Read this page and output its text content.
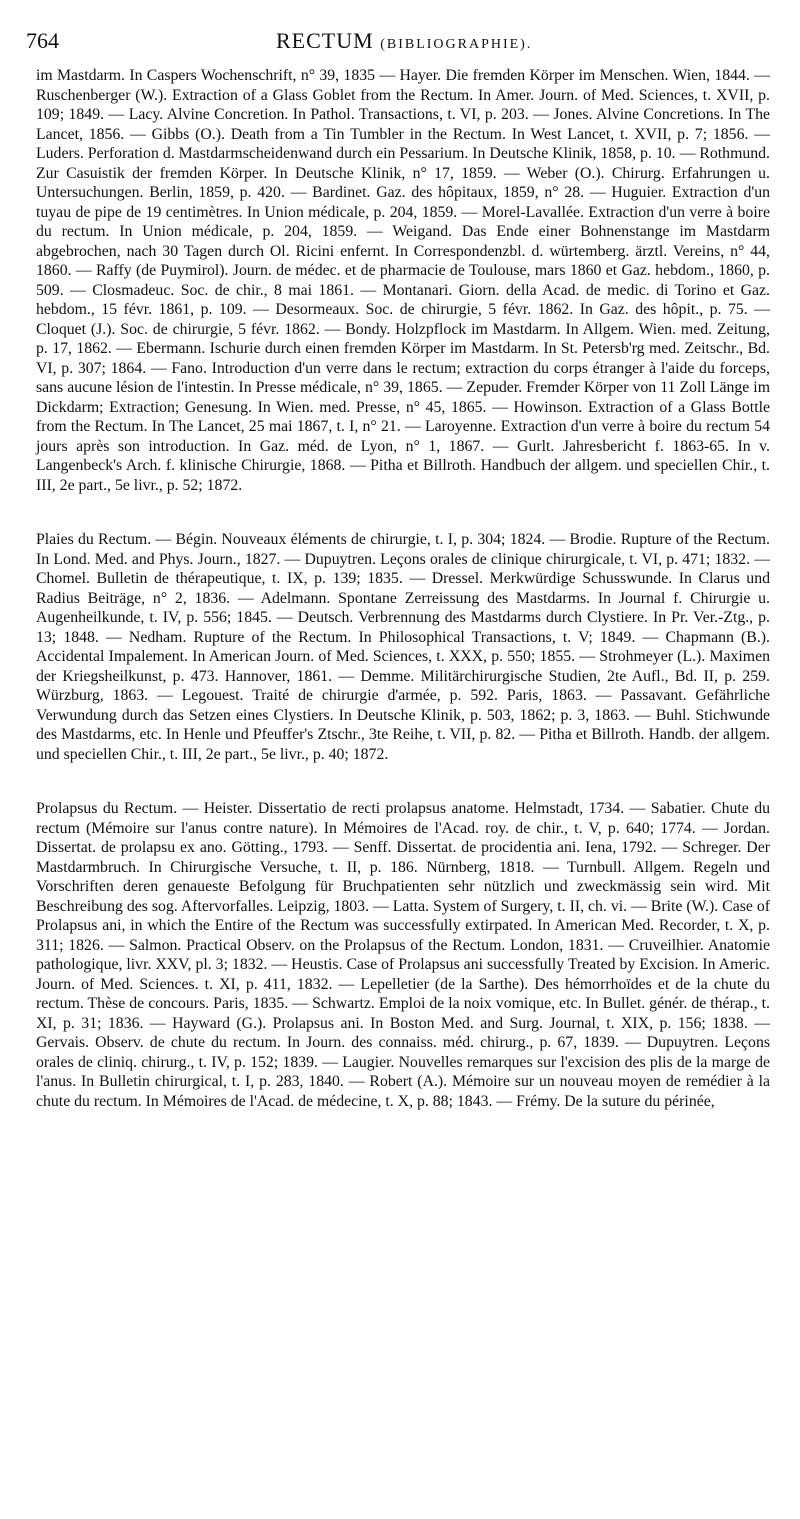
764	RECTUM (BIBLIOGRAPHIE).

im Mastdarm. In Caspers Wochenschrift, n° 39, 1835 — Hayer. Die fremden Körper im Menschen. Wien, 1844. — Ruschenberger (W.). Extraction of a Glass Goblet from the Rectum. In Amer. Journ. of Med. Sciences, t. XVII, p. 109; 1849. — Lacy. Alvine Concretion. In Pathol. Transactions, t. VI, p. 203. — Jones. Alvine Concretions. In The Lancet, 1856. — Gibbs (O.). Death from a Tin Tumbler in the Rectum. In West Lancet, t. XVII, p. 7; 1856. — Luders. Perforation d. Mastdarmscheidenwand durch ein Pessarium. In Deutsche Klinik, 1858, p. 10. — Rothmund. Zur Casuistik der fremden Körper. In Deutsche Klinik, n° 17, 1859. — Weber (O.). Chirurg. Erfahrungen u. Untersuchungen. Berlin, 1859, p. 420. — Bardinet. Gaz. des hôpitaux, 1859, n° 28. — Huguier. Extraction d'un tuyau de pipe de 19 centimètres. In Union médicale, p. 204, 1859. — Morel-Lavallée. Extraction d'un verre à boire du rectum. In Union médicale, p. 204, 1859. — Weigand. Das Ende einer Bohnenstange im Mastdarm abgebrochen, nach 30 Tagen durch Ol. Ricini enfernt. In Correspondenzbl. d. würtemberg. ärztl. Vereins, n° 44, 1860. — Raffy (de Puymirol). Journ. de médec. et de pharmacie de Toulouse, mars 1860 et Gaz. hebdom., 1860, p. 509. — Closmadeuc. Soc. de chir., 8 mai 1861. — Montanari. Giorn. della Acad. de medic. di Torino et Gaz. hebdom., 15 févr. 1861, p. 109. — Desormeaux. Soc. de chirurgie, 5 févr. 1862. In Gaz. des hôpit., p. 75. — Cloquet (J.). Soc. de chirurgie, 5 févr. 1862. — Bondy. Holzpflock im Mastdarm. In Allgem. Wien. med. Zeitung, p. 17, 1862. — Ebermann. Ischurie durch einen fremden Körper im Mastdarm. In St. Petersb'rg med. Zeitschr., Bd. VI, p. 307; 1864. — Fano. Introduction d'un verre dans le rectum; extraction du corps étranger à l'aide du forceps, sans aucune lésion de l'intestin. In Presse médicale, n° 39, 1865. — Zepuder. Fremder Körper von 11 Zoll Länge im Dickdarm; Extraction; Genesung. In Wien. med. Presse, n° 45, 1865. — Howinson. Extraction of a Glass Bottle from the Rectum. In The Lancet, 25 mai 1867, t. I, n° 21. — Laroyenne. Extraction d'un verre à boire du rectum 54 jours après son introduction. In Gaz. méd. de Lyon, n° 1, 1867. — Gurlt. Jahresbericht f. 1863-65. In v. Langenbeck's Arch. f. klinische Chirurgie, 1868. — Pitha et Billroth. Handbuch der allgem. und speciellen Chir., t. III, 2e part., 5e livr., p. 52; 1872.

Plaies du Rectum. — Bégin. Nouveaux éléments de chirurgie, t. I, p. 304; 1824. — Brodie. Rupture of the Rectum. In Lond. Med. and Phys. Journ., 1827. — Dupuytren. Leçons orales de clinique chirurgicale, t. VI, p. 471; 1832. — Chomel. Bulletin de thérapeutique, t. IX, p. 139; 1835. — Dressel. Merkwürdige Schusswunde. In Clarus und Radius Beiträge, n° 2, 1836. — Adelmann. Spontane Zerreissung des Mastdarms. In Journal f. Chirurgie u. Augenheilkunde, t. IV, p. 556; 1845. — Deutsch. Verbrennung des Mastdarms durch Clystiere. In Pr. Ver.-Ztg., p. 13; 1848. — Nedham. Rupture of the Rectum. In Philosophical Transactions, t. V; 1849. — Chapmann (B.). Accidental Impalement. In American Journ. of Med. Sciences, t. XXX, p. 550; 1855. — Strohmeyer (L.). Maximen der Kriegsheilkunst, p. 473. Hannover, 1861. — Demme. Militärchirurgische Studien, 2te Aufl., Bd. II, p. 259. Würzburg, 1863. — Legouest. Traité de chirurgie d'armée, p. 592. Paris, 1863. — Passavant. Gefährliche Verwundung durch das Setzen eines Clystiers. In Deutsche Klinik, p. 503, 1862; p. 3, 1863. — Buhl. Stichwunde des Mastdarms, etc. In Henle und Pfeuffer's Ztschr., 3te Reihe, t. VII, p. 82. — Pitha et Billroth. Handb. der allgem. und speciellen Chir., t. III, 2e part., 5e livr., p. 40; 1872.

Prolapsus du Rectum. — Heister. Dissertatio de recti prolapsus anatome. Helmstadt, 1734. — Sabatier. Chute du rectum (Mémoire sur l'anus contre nature). In Mémoires de l'Acad. roy. de chir., t. V, p. 640; 1774. — Jordan. Dissertat. de prolapsu ex ano. Götting., 1793. — Senff. Dissertat. de procidentia ani. Iena, 1792. — Schreger. Der Mastdarmbruch. In Chirurgische Versuche, t. II, p. 186. Nürnberg, 1818. — Turnbull. Allgem. Regeln und Vorschriften deren genaueste Befolgung für Bruchpatienten sehr nützlich und zweckmässig sein wird. Mit Beschreibung des sog. Aftervorfalles. Leipzig, 1803. — Latta. System of Surgery, t. II, ch. vi. — Brite (W.). Case of Prolapsus ani, in which the Entire of the Rectum was successfully extirpated. In American Med. Recorder, t. X, p. 311; 1826. — Salmon. Practical Observ. on the Prolapsus of the Rectum. London, 1831. — Cruveilhier. Anatomie pathologique, livr. XXV, pl. 3; 1832. — Heustis. Case of Prolapsus ani successfully Treated by Excision. In Americ. Journ. of Med. Sciences. t. XI, p. 411, 1832. — Lepelletier (de la Sarthe). Des hémorrhoïdes et de la chute du rectum. Thèse de concours. Paris, 1835. — Schwartz. Emploi de la noix vomique, etc. In Bullet. génér. de thérap., t. XI, p. 31; 1836. — Hayward (G.). Prolapsus ani. In Boston Med. and Surg. Journal, t. XIX, p. 156; 1838. — Gervais. Observ. de chute du rectum. In Journ. des connaiss. méd. chirurg., p. 67, 1839. — Dupuytren. Leçons orales de cliniq. chirurg., t. IV, p. 152; 1839. — Laugier. Nouvelles remarques sur l'excision des plis de la marge de l'anus. In Bulletin chirurgical, t. I, p. 283, 1840. — Robert (A.). Mémoire sur un nouveau moyen de remédier à la chute du rectum. In Mémoires de l'Acad. de médecine, t. X, p. 88; 1843. — Frémy. De la suture du périnée,
